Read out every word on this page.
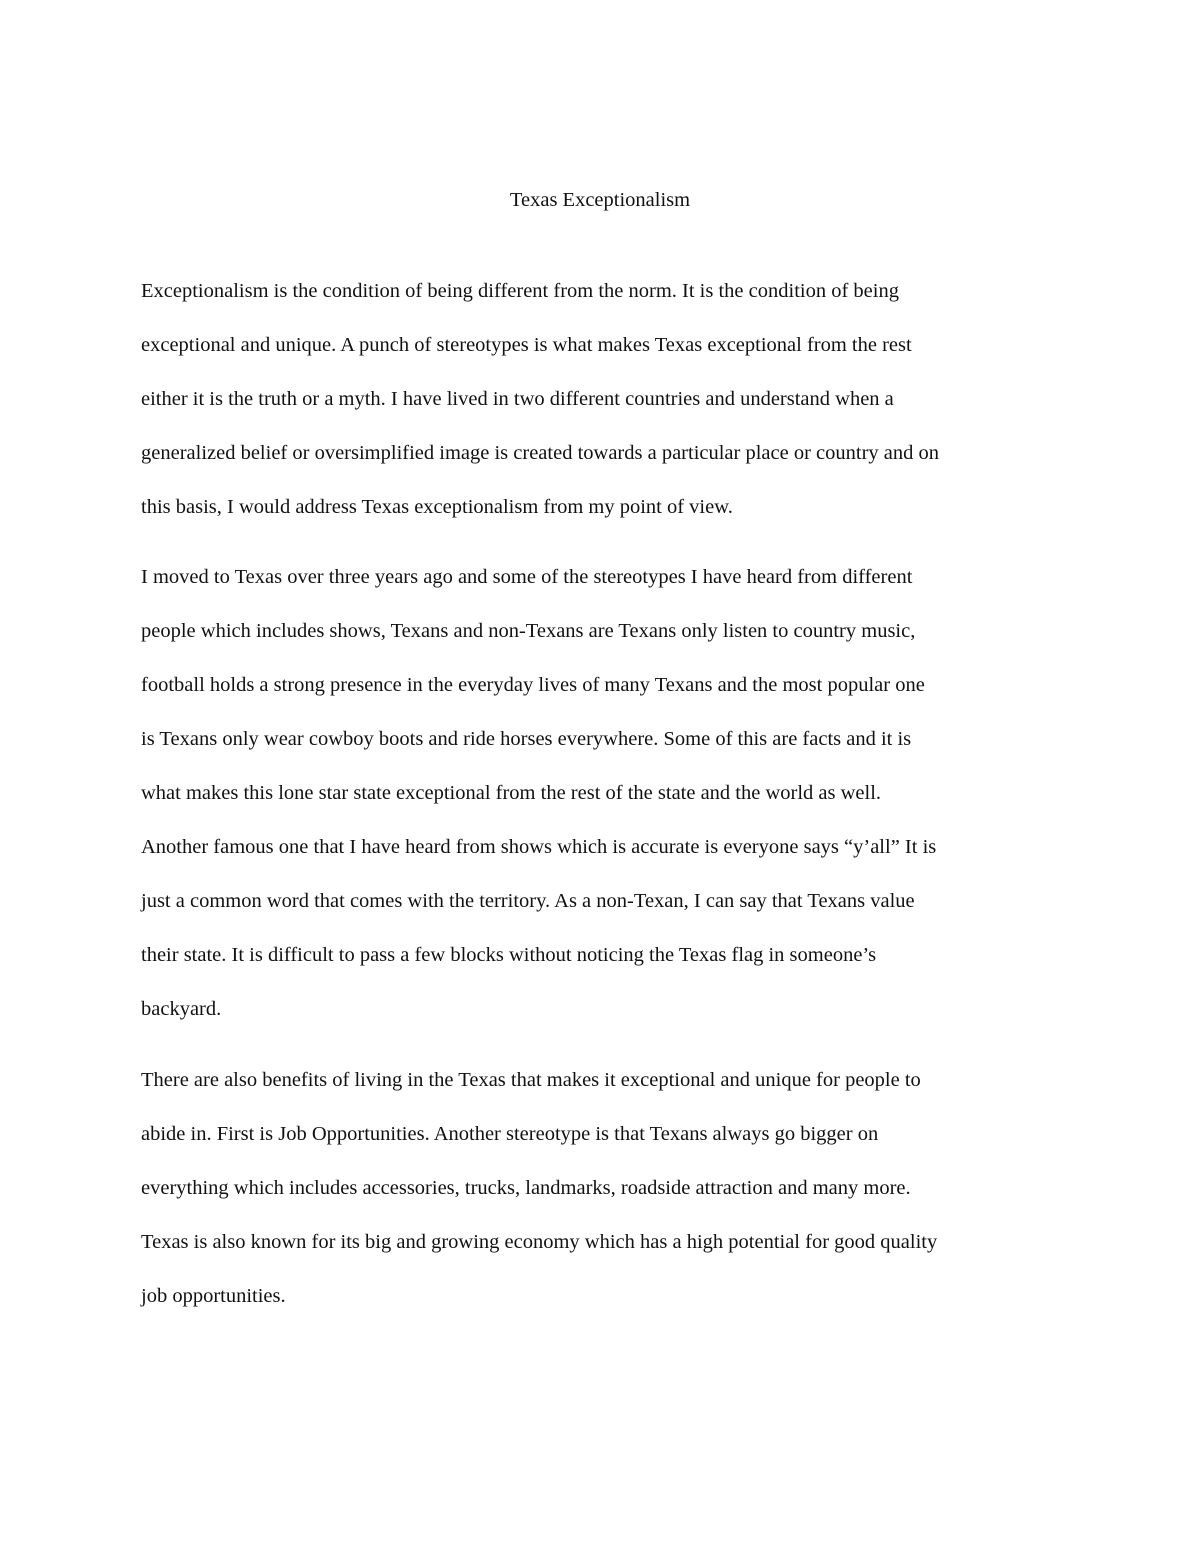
Texas Exceptionalism

Exceptionalism is the condition of being different from the norm. It is the condition of being

exceptional and unique. A punch of stereotypes is what makes Texas exceptional from the rest

either it is the truth or a myth. I have lived in two different countries and understand when a

generalized belief or oversimplified image is created towards a particular place or country and on

this basis, I would address Texas exceptionalism from my point of view.

I moved to Texas over three years ago and some of the stereotypes I have heard from different

people which includes shows, Texans and non-Texans are Texans only listen to country music,

football holds a strong presence in the everyday lives of many Texans and the most popular one

is Texans only wear cowboy boots and ride horses everywhere. Some of this are facts and it is

what makes this lone star state exceptional from the rest of the state and the world as well.

Another famous one that I have heard from shows which is accurate is everyone says “y’all” It is

just a common word that comes with the territory. As a non-Texan, I can say that Texans value

their state. It is difficult to pass a few blocks without noticing the Texas flag in someone’s

backyard.

There are also benefits of living in the Texas that makes it exceptional and unique for people to

abide in. First is Job Opportunities. Another stereotype is that Texans always go bigger on

everything which includes accessories, trucks, landmarks, roadside attraction and many more.

Texas is also known for its big and growing economy which has a high potential for good quality

job opportunities.
